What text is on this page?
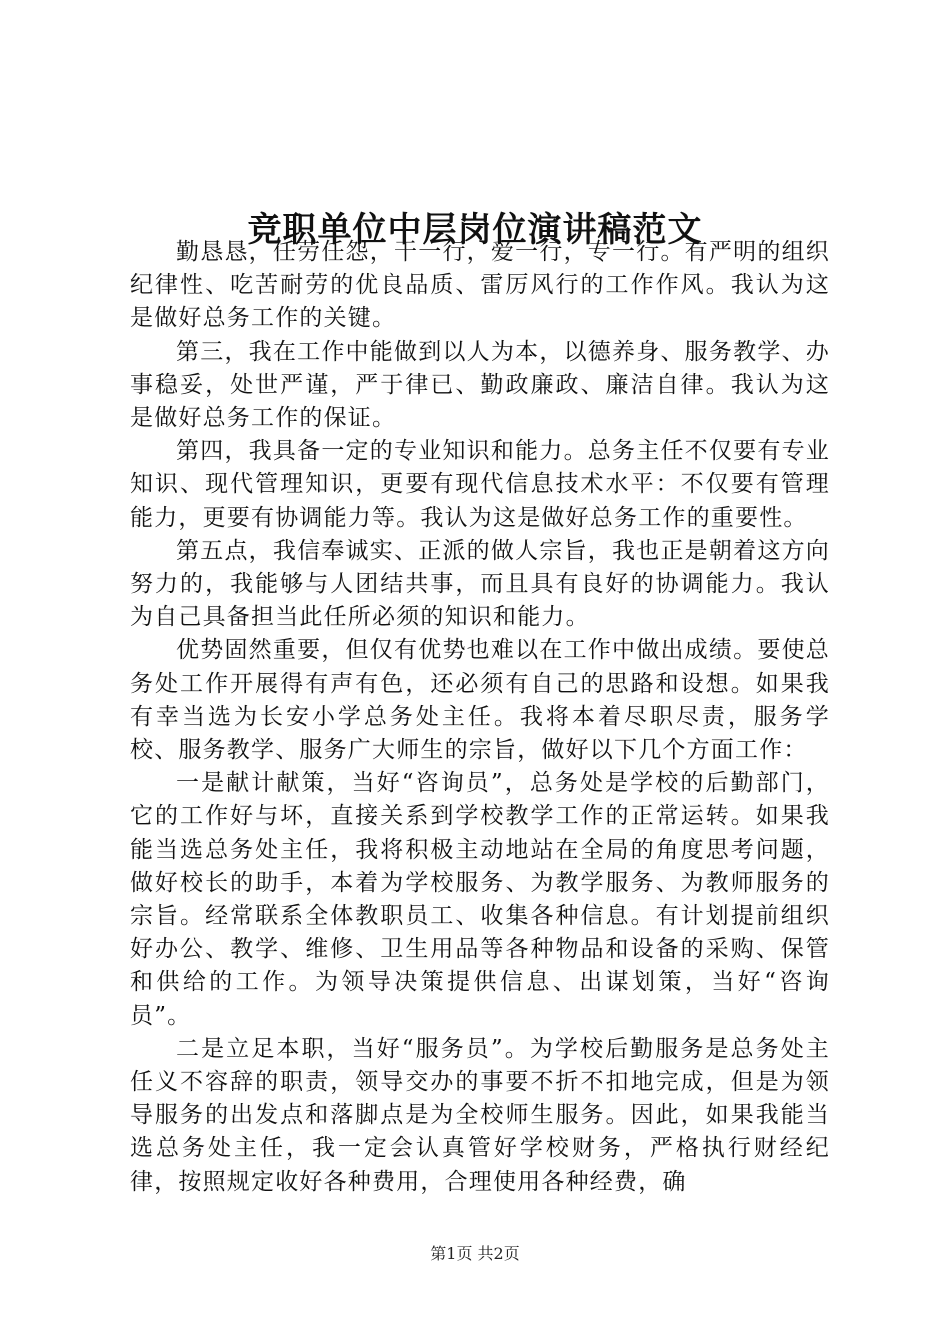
竞职单位中层岗位演讲稿范文

勤恳恳，任劳任怨，干一行，爱一行，专一行。有严明的组织纪律性、吃苦耐劳的优良品质、雷厉风行的工作作风。我认为这是做好总务工作的关键。

第三，我在工作中能做到以人为本，以德养身、服务教学、办事稳妥，处世严谨，严于律已、勤政廉政、廉洁自律。我认为这是做好总务工作的保证。

第四，我具备一定的专业知识和能力。总务主任不仅要有专业知识、现代管理知识，更要有现代信息技术水平：不仅要有管理能力，更要有协调能力等。我认为这是做好总务工作的重要性。

第五点，我信奉诚实、正派的做人宗旨，我也正是朝着这方向努力的，我能够与人团结共事，而且具有良好的协调能力。我认为自己具备担当此任所必须的知识和能力。

优势固然重要，但仅有优势也难以在工作中做出成绩。要使总务处工作开展得有声有色，还必须有自己的思路和设想。如果我有幸当选为长安小学总务处主任。我将本着尽职尽责，服务学校、服务教学、服务广大师生的宗旨，做好以下几个方面工作：

一是献计献策，当好“咨询员”，总务处是学校的后勤部门，它的工作好与坏，直接关系到学校教学工作的正常运转。如果我能当选总务处主任，我将积极主动地站在全局的角度思考问题，做好校长的助手，本着为学校服务、为教学服务、为教师服务的宗旨。经常联系全体教职员工、收集各种信息。有计划提前组织好办公、教学、维修、卫生用品等各种物品和设备的采购、保管和供给的工作。为领导决策提供信息、出谋划策，当好“咨询员”。

二是立足本职，当好“服务员”。为学校后勤服务是总务处主任义不容辞的职责，领导交办的事要不折不扣地完成，但是为领导服务的出发点和落脚点是为全校师生服务。因此，如果我能当选总务处主任，我一定会认真管好学校财务，严格执行财经纪律，按照规定收好各种费用，合理使用各种经费，确

第1页 共2页
